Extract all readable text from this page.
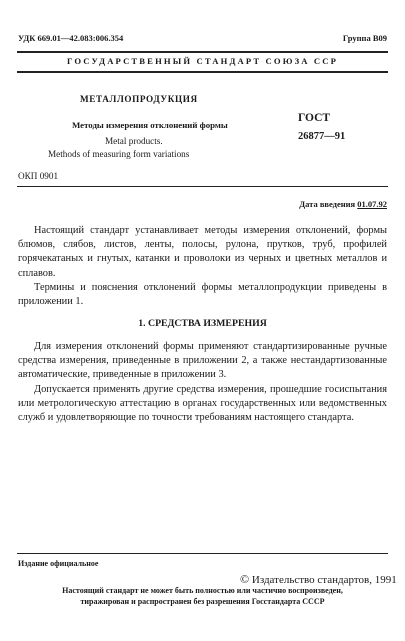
УДК 669.01—42.083:006.354	Группа В09
ГОСУДАРСТВЕННЫЙ СТАНДАРТ СОЮЗА ССР
МЕТАЛЛОПРОДУКЦИЯ
ГОСТ
26877—91
Методы измерения отклонений формы
Metal products.
Methods of measuring form variations
ОКП 0901
Дата введения 01.07.92

Настоящий стандарт устанавливает методы измерения отклонений, формы блюмов, слябов, листов, ленты, полосы, рулона, прутков, труб, профилей горячекатаных и гнутых, катанки и проволоки из черных и цветных металлов и сплавов.

Термины и пояснения отклонений формы металлопродукции приведены в приложении 1.

1. СРЕДСТВА ИЗМЕРЕНИЯ

Для измерения отклонений формы применяют стандартизированные ручные средства измерения, приведенные в приложении 2, а также нестандартизованные автоматические, приведенные в приложении 3.

Допускается применять другие средства измерения, прошедшие госиспытания или метрологическую аттестацию в органах государственных или ведомственных служб и удовлетворяющие по точности требованиям настоящего стандарта.

Издание официальное
© Издательство стандартов, 1991
Настоящий стандарт не может быть полностью или частично воспроизведен,
тиражирован и распространен без разрешения Госстандарта СССР
